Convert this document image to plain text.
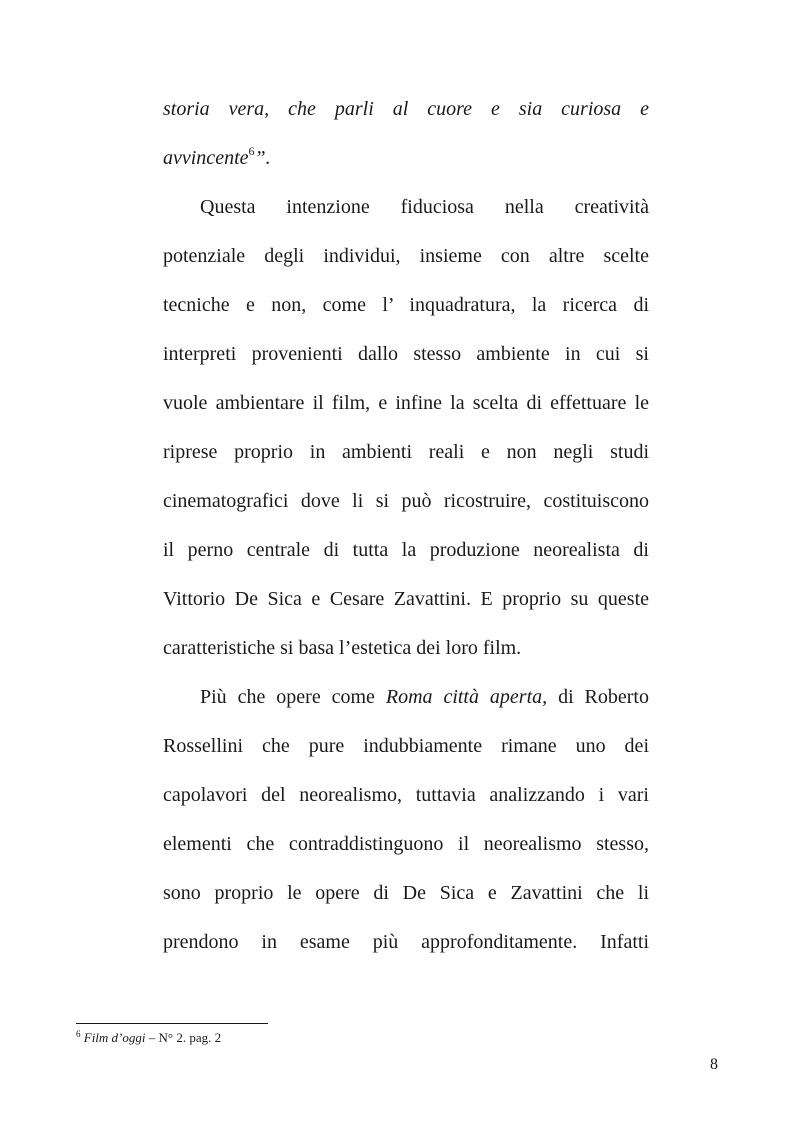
storia vera, che parli al cuore e sia curiosa e
avvincente$^6$”.
Questa intenzione fiduciosa nella creatività
potenziale degli individui, insieme con altre scelte
tecniche e non, come l’ inquadratura, la ricerca di
interpreti provenienti dallo stesso ambiente in cui si
vuole ambientare il film, e infine la scelta di effettuare le
riprese proprio in ambienti reali e non negli studi
cinematografici dove li si può ricostruire, costituiscono
il perno centrale di tutta la produzione neorealista di
Vittorio De Sica e Cesare Zavattini. E proprio su queste
caratteristiche si basa l’estetica dei loro film.
Più che opere come Roma città aperta, di Roberto
Rossellini che pure indubbiamente rimane uno dei
capolavori del neorealismo, tuttavia analizzando i vari
elementi che contraddistinguono il neorealismo stesso,
sono proprio le opere di De Sica e Zavattini che li
prendono in esame più approfonditamente. Infatti
$^6$ Film d’oggi – N° 2. pag. 2
8
